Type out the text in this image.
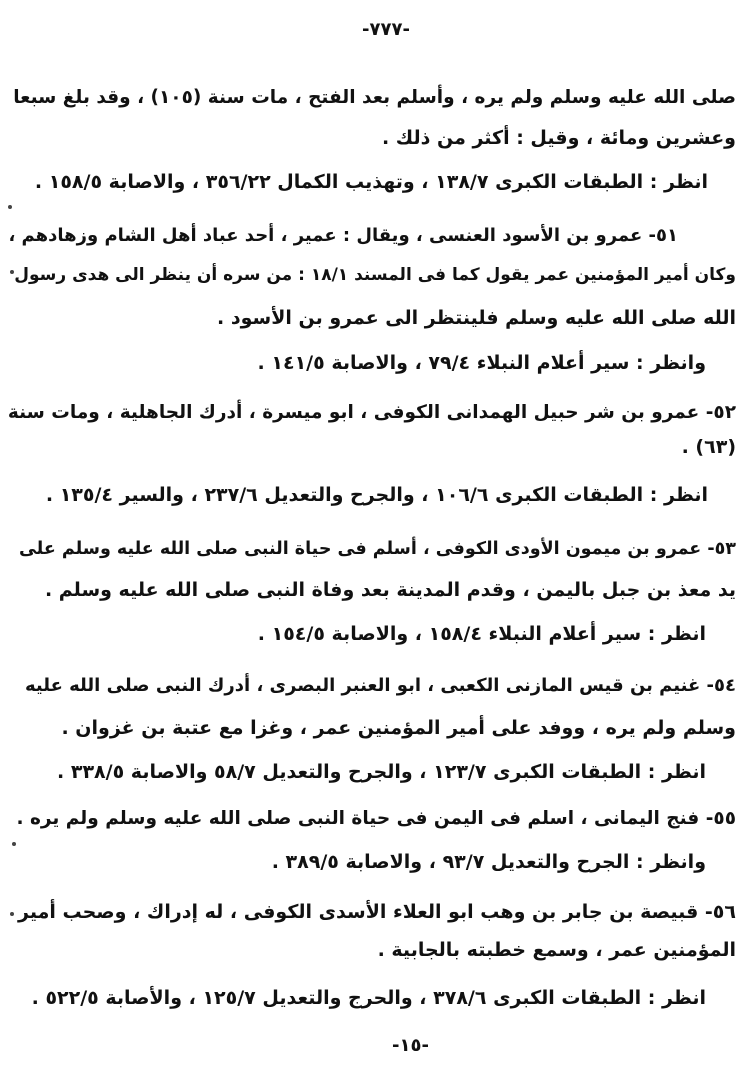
-٧٧٧-
صلى الله عليه وسلم ولم يره ، وأسلم بعد الفتح ، مات سنة (١٠٥) ، وقد بلغ سبعا
وعشرين ومائة ، وقيل : أكثر من ذلك .
انظر : الطبقات الكبرى ١٣٨/٧ ، وتهذيب الكمال ٣٥٦/٢٢ ، والاصابة ١٥٨/٥ .
٥١- عمرو بن الأسود العنسى ، ويقال : عمير ، أحد عباد أهل الشام وزهادهم ،
وكان أمير المؤمنين عمر يقول كما فى المسند ١٨/١ : من سره أن ينظر الى هدى رسول
الله صلى الله عليه وسلم فلينتظر الى عمرو بن الأسود .
وانظر : سير أعلام النبلاء ٧٩/٤ ، والاصابة ١٤١/٥ .
٥٢- عمرو بن شر حبيل الهمدانى الكوفى ، ابو ميسرة ، أدرك الجاهلية ، ومات سنة
(٦٣) .
انظر : الطبقات الكبرى ١٠٦/٦ ، والجرح والتعديل ٢٣٧/٦ ، والسير ١٣٥/٤ .
٥٣- عمرو بن ميمون الأودى الكوفى ، أسلم فى حياة النبى صلى الله عليه وسلم على
يد معذ بن جبل باليمن ، وقدم المدينة بعد وفاة النبى صلى الله عليه وسلم .
انظر : سير أعلام النبلاء ١٥٨/٤ ، والاصابة ١٥٤/٥ .
٥٤- غنيم بن قيس المازنى الكعبى ، ابو العنبر البصرى ، أدرك النبى صلى الله عليه
وسلم ولم يره ، ووفد على أمير المؤمنين عمر ، وغزا مع عتبة بن غزوان .
انظر : الطبقات الكبرى ١٢٣/٧ ، والجرح والتعديل ٥٨/٧ والاصابة ٣٣٨/٥ .
٥٥- فنج اليمانى ، اسلم فى اليمن فى حياة النبى صلى الله عليه وسلم ولم يره .
وانظر : الجرح والتعديل ٩٣/٧ ، والاصابة ٣٨٩/٥ .
٥٦- قبيصة بن جابر بن وهب ابو العلاء الأسدى الكوفى ، له إدراك ، وصحب أمير
المؤمنين عمر ، وسمع خطبته بالجابية .
انظر : الطبقات الكبرى ٣٧٨/٦ ، والحرج والتعديل ١٢٥/٧ ، والأصابة ٥٢٢/٥ .
-١٥-
